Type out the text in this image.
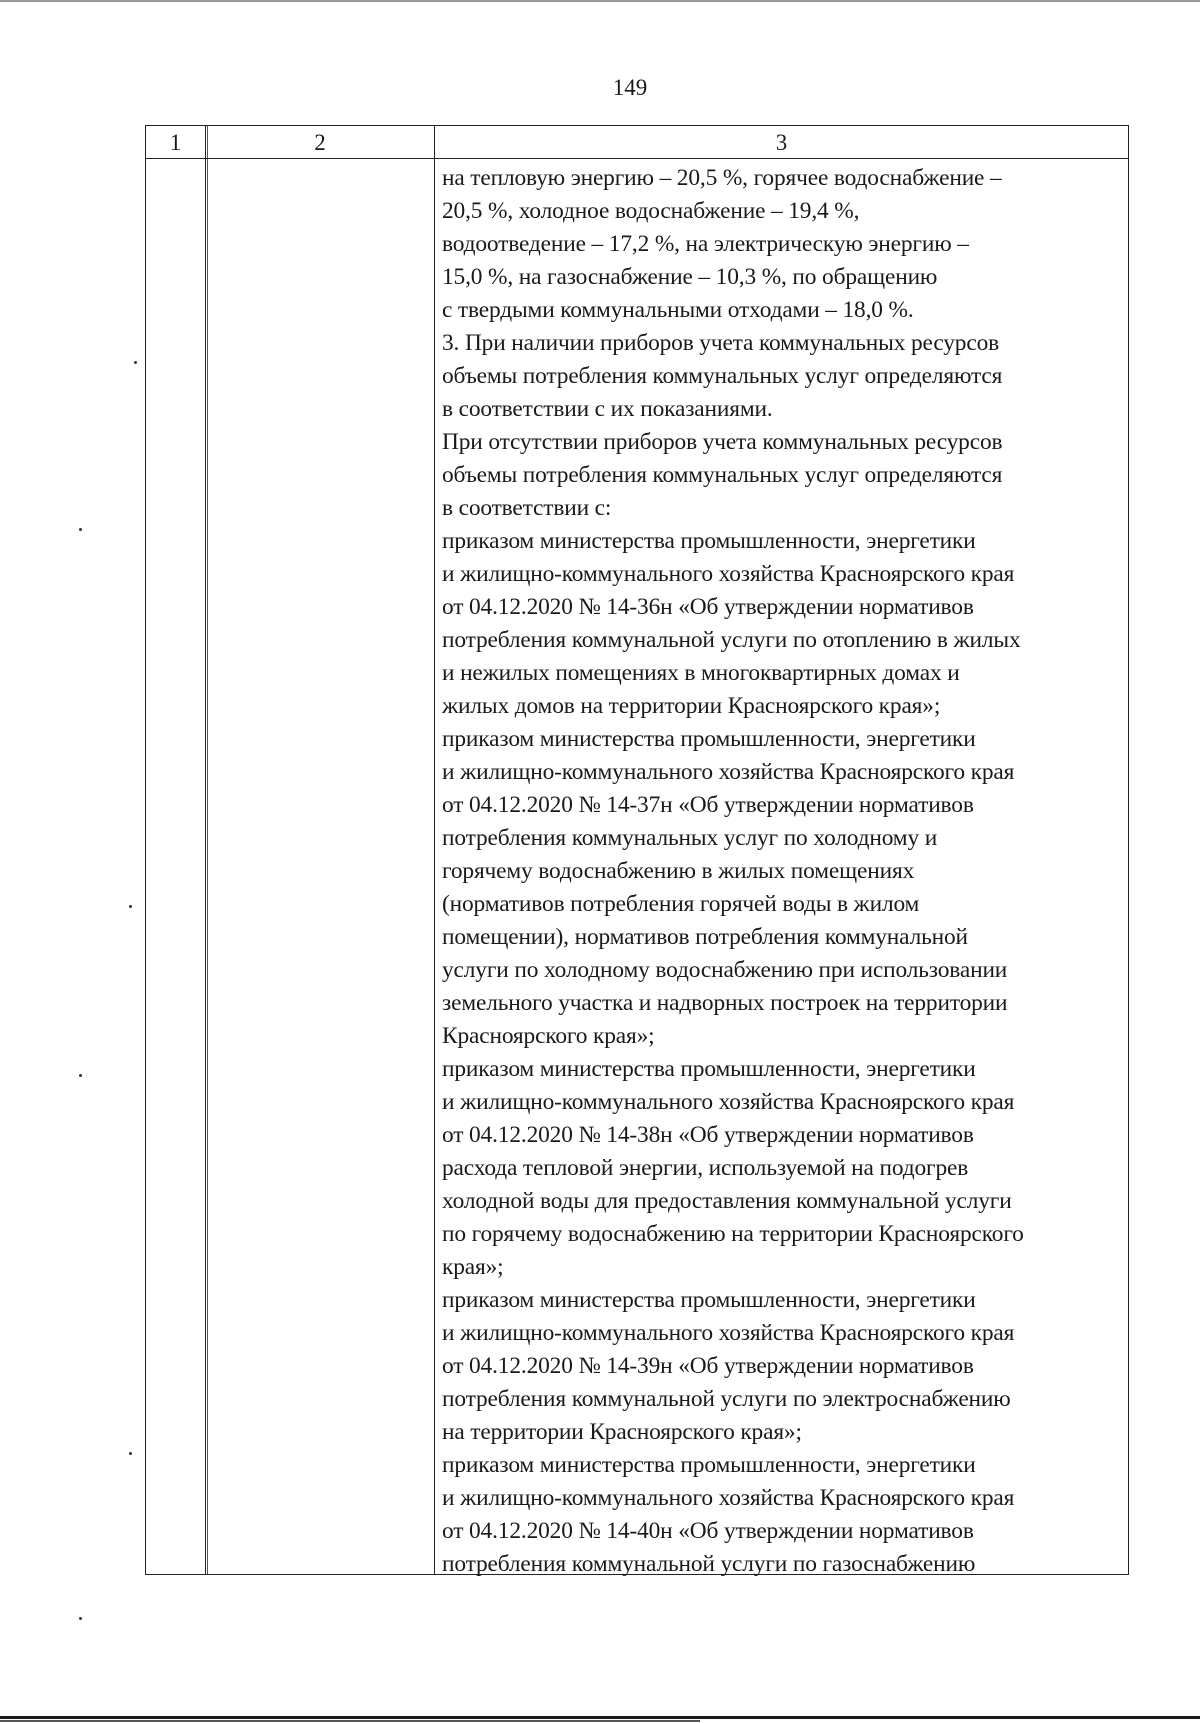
149
1	2	3
на тепловую энергию – 20,5 %, горячее водоснабжение –
20,5 %, холодное водоснабжение – 19,4 %,
водоотведение – 17,2 %, на электрическую энергию –
15,0 %, на газоснабжение – 10,3 %, по обращению
с твердыми коммунальными отходами – 18,0 %.
3. При наличии приборов учета коммунальных ресурсов
объемы потребления коммунальных услуг определяются
в соответствии с их показаниями.
При отсутствии приборов учета коммунальных ресурсов
объемы потребления коммунальных услуг определяются
в соответствии с:
приказом министерства промышленности, энергетики
и жилищно-коммунального хозяйства Красноярского края
от 04.12.2020 № 14-36н «Об утверждении нормативов
потребления коммунальной услуги по отоплению в жилых
и нежилых помещениях в многоквартирных домах и
жилых домов на территории Красноярского края»;
приказом министерства промышленности, энергетики
и жилищно-коммунального хозяйства Красноярского края
от 04.12.2020 № 14-37н «Об утверждении нормативов
потребления коммунальных услуг по холодному и
горячему водоснабжению в жилых помещениях
(нормативов потребления горячей воды в жилом
помещении), нормативов потребления коммунальной
услуги по холодному водоснабжению при использовании
земельного участка и надворных построек на территории
Красноярского края»;
приказом министерства промышленности, энергетики
и жилищно-коммунального хозяйства Красноярского края
от 04.12.2020 № 14-38н «Об утверждении нормативов
расхода тепловой энергии, используемой на подогрев
холодной воды для предоставления коммунальной услуги
по горячему водоснабжению на территории Красноярского
края»;
приказом министерства промышленности, энергетики
и жилищно-коммунального хозяйства Красноярского края
от 04.12.2020 № 14-39н «Об утверждении нормативов
потребления коммунальной услуги по электроснабжению
на территории Красноярского края»;
приказом министерства промышленности, энергетики
и жилищно-коммунального хозяйства Красноярского края
от 04.12.2020 № 14-40н «Об утверждении нормативов
потребления коммунальной услуги по газоснабжению
